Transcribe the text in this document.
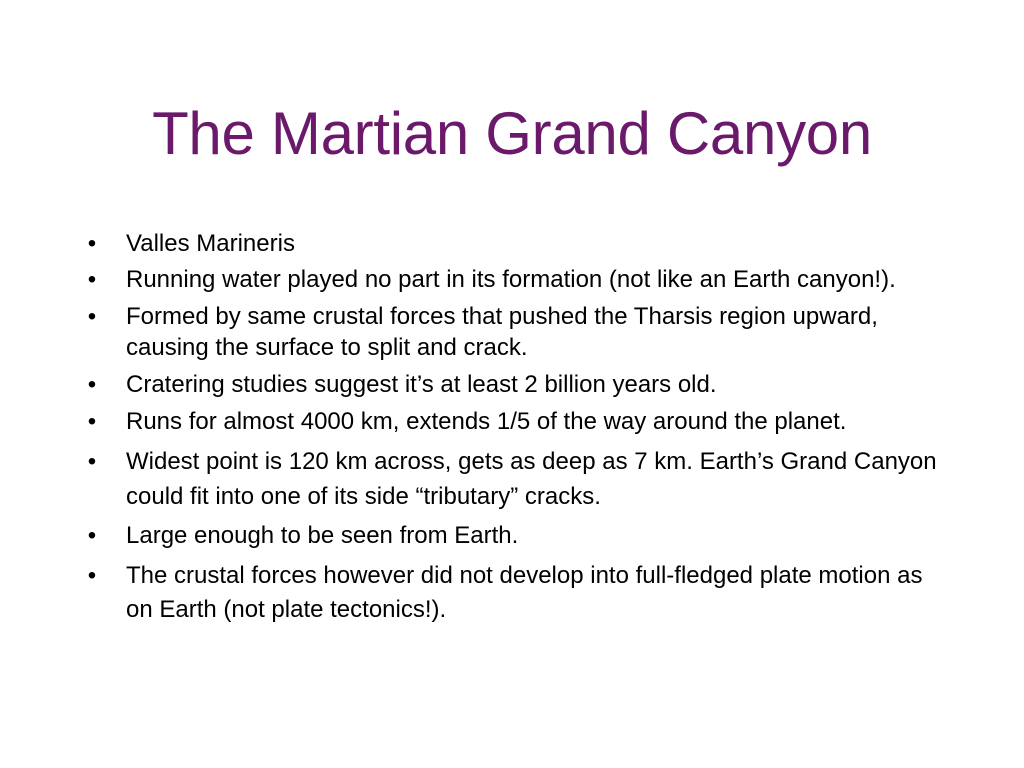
The Martian Grand Canyon
• Valles Marineris
• Running water played no part in its formation (not like an Earth canyon!).
• Formed by same crustal forces that pushed the Tharsis region upward, causing the surface to split and crack.
• Cratering studies suggest it’s at least 2 billion years old.
• Runs for almost 4000 km, extends 1/5 of the way around the planet.
• Widest point is 120 km across, gets as deep as 7 km. Earth’s Grand Canyon could fit into one of its side “tributary” cracks.
• Large enough to be seen from Earth.
• The crustal forces however did not develop into full-fledged plate motion as on Earth (not plate tectonics!).
